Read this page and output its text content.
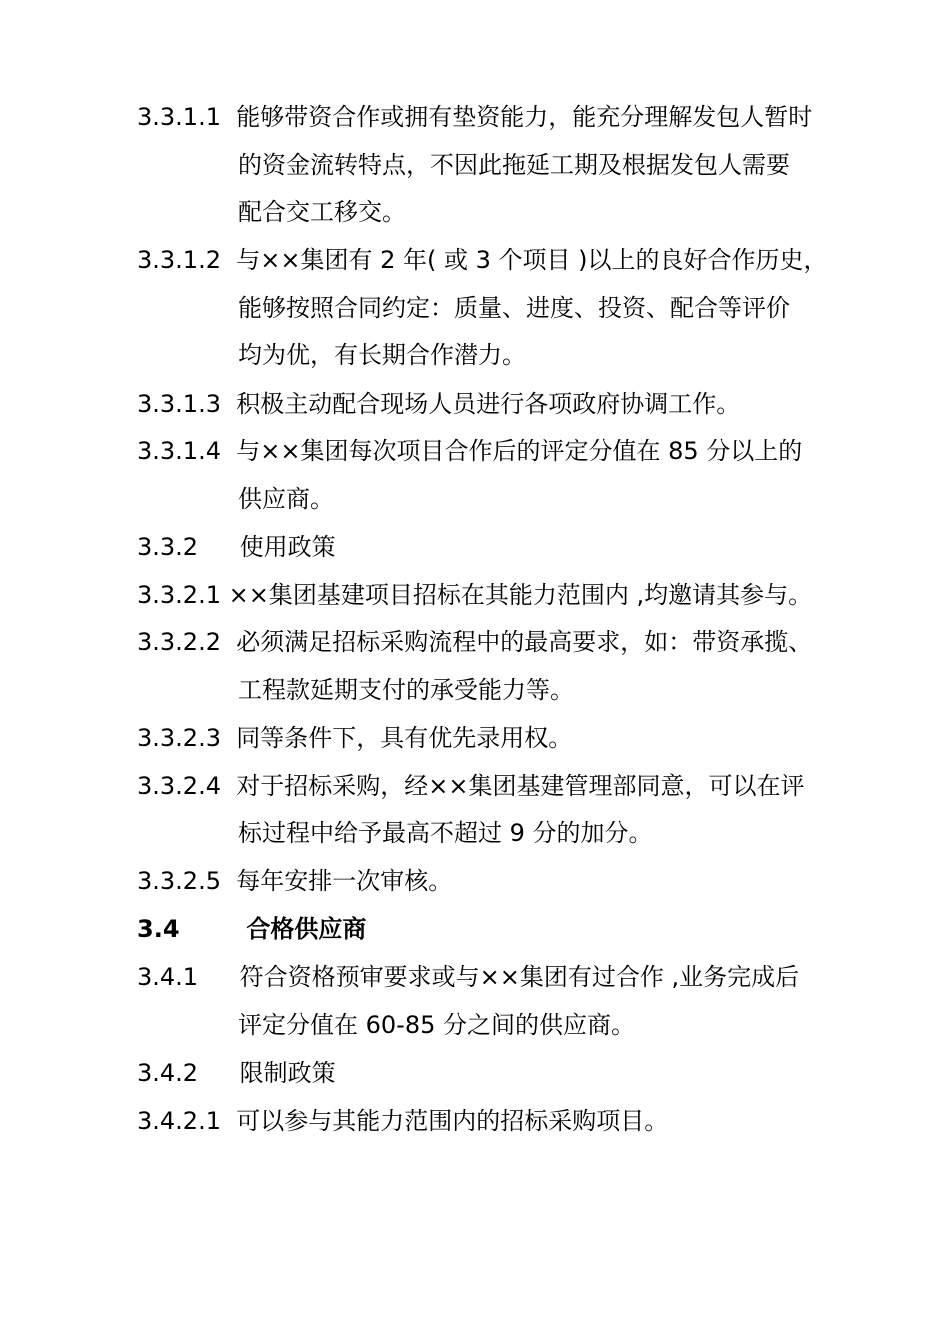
3.3.1.1 能够带资合作或拥有垫资能力，能充分理解发包人暂时
的资金流转特点，不因此拖延工期及根据发包人需要
配合交工移交。
3.3.1.2 与××集团有 2 年( 或 3 个项目 )以上的良好合作历史，
能够按照合同约定：质量、进度、投资、配合等评价
均为优，有长期合作潜力。
3.3.1.3 积极主动配合现场人员进行各项政府协调工作。
3.3.1.4 与××集团每次项目合作后的评定分值在 85 分以上的
供应商。
3.3.2 使用政策
3.3.2.1 ××集团基建项目招标在其能力范围内 ,均邀请其参与。
3.3.2.2 必须满足招标采购流程中的最高要求，如：带资承揽、
工程款延期支付的承受能力等。
3.3.2.3 同等条件下，具有优先录用权。
3.3.2.4 对于招标采购，经××集团基建管理部同意，可以在评
标过程中给予最高不超过 9 分的加分。
3.3.2.5 每年安排一次审核。
3.4	合格供应商
3.4.1 符合资格预审要求或与××集团有过合作 ,业务完成后
评定分值在 60-85 分之间的供应商。
3.4.2 限制政策
3.4.2.1 可以参与其能力范围内的招标采购项目。
